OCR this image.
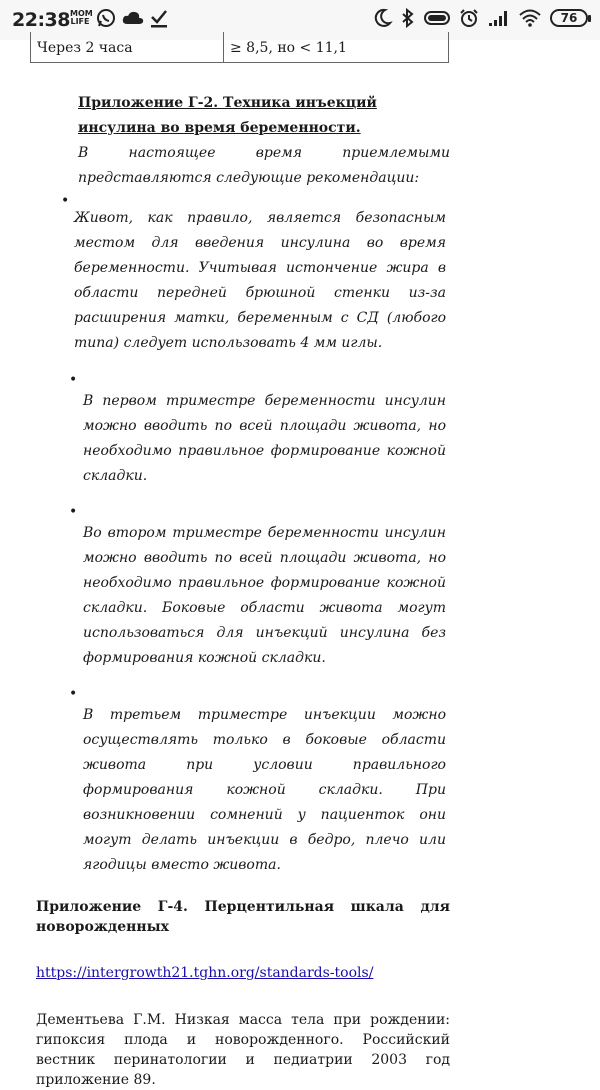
22:38 MOM
LIFE	76
Через 2 часа	≥ 8,5, но < 11,1
Приложение Г-2. Техника инъекций инсулина во время беременности.
В настоящее время приемлемыми представляются следующие рекомендации:
•
Живот, как правило, является безопасным местом для введения инсулина во время беременности. Учитывая истончение жира в области передней брюшной стенки из-за расширения матки, беременным с СД (любого типа) следует использовать 4 мм иглы.
•
В первом триместре беременности инсулин можно вводить по всей площади живота, но необходимо правильное формирование кожной складки.
•
Во втором триместре беременности инсулин можно вводить по всей площади живота, но необходимо правильное формирование кожной складки. Боковые области живота могут использоваться для инъекций инсулина без формирования кожной складки.
•
В третьем триместре инъекции можно осуществлять только в боковые области живота при условии правильного формирования кожной складки. При возникновении сомнений у пациенток они могут делать инъекции в бедро, плечо или ягодицы вместо живота.
Приложение Г-4. Перцентильная шкала для новорожденных
https://intergrowth21.tghn.org/standards-tools/
Дементьева Г.М. Низкая масса тела при рождении: гипоксия плода и новорожденного. Российский вестник перинатологии и педиатрии 2003 год приложение 89.
